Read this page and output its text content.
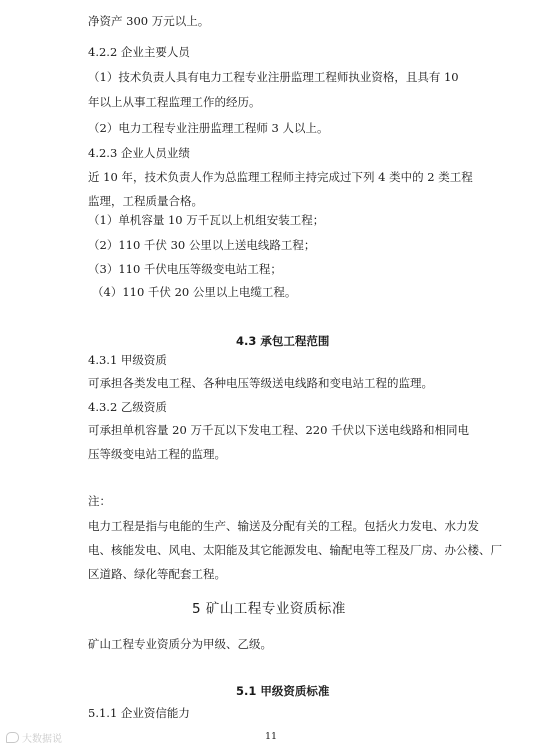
净资产 300 万元以上。
4.2.2 企业主要人员
（1）技术负责人具有电力工程专业注册监理工程师执业资格，且具有 10
年以上从事工程监理工作的经历。
（2）电力工程专业注册监理工程师 3 人以上。
4.2.3 企业人员业绩
近 10 年，技术负责人作为总监理工程师主持完成过下列 4 类中的 2 类工程
监理，工程质量合格。
（1）单机容量 10 万千瓦以上机组安装工程；
（2）110 千伏 30 公里以上送电线路工程；
（3）110 千伏电压等级变电站工程；
（4）110 千伏 20 公里以上电缆工程。
4.3 承包工程范围
4.3.1 甲级资质
可承担各类发电工程、各种电压等级送电线路和变电站工程的监理。
4.3.2 乙级资质
可承担单机容量 20 万千瓦以下发电工程、220 千伏以下送电线路和相同电
压等级变电站工程的监理。
注：
电力工程是指与电能的生产、输送及分配有关的工程。包括火力发电、水力发
电、核能发电、风电、太阳能及其它能源发电、输配电等工程及厂房、办公楼、厂
区道路、绿化等配套工程。
5 矿山工程专业资质标准
矿山工程专业资质分为甲级、乙级。
5.1 甲级资质标准
5.1.1 企业资信能力
大数据说	11
